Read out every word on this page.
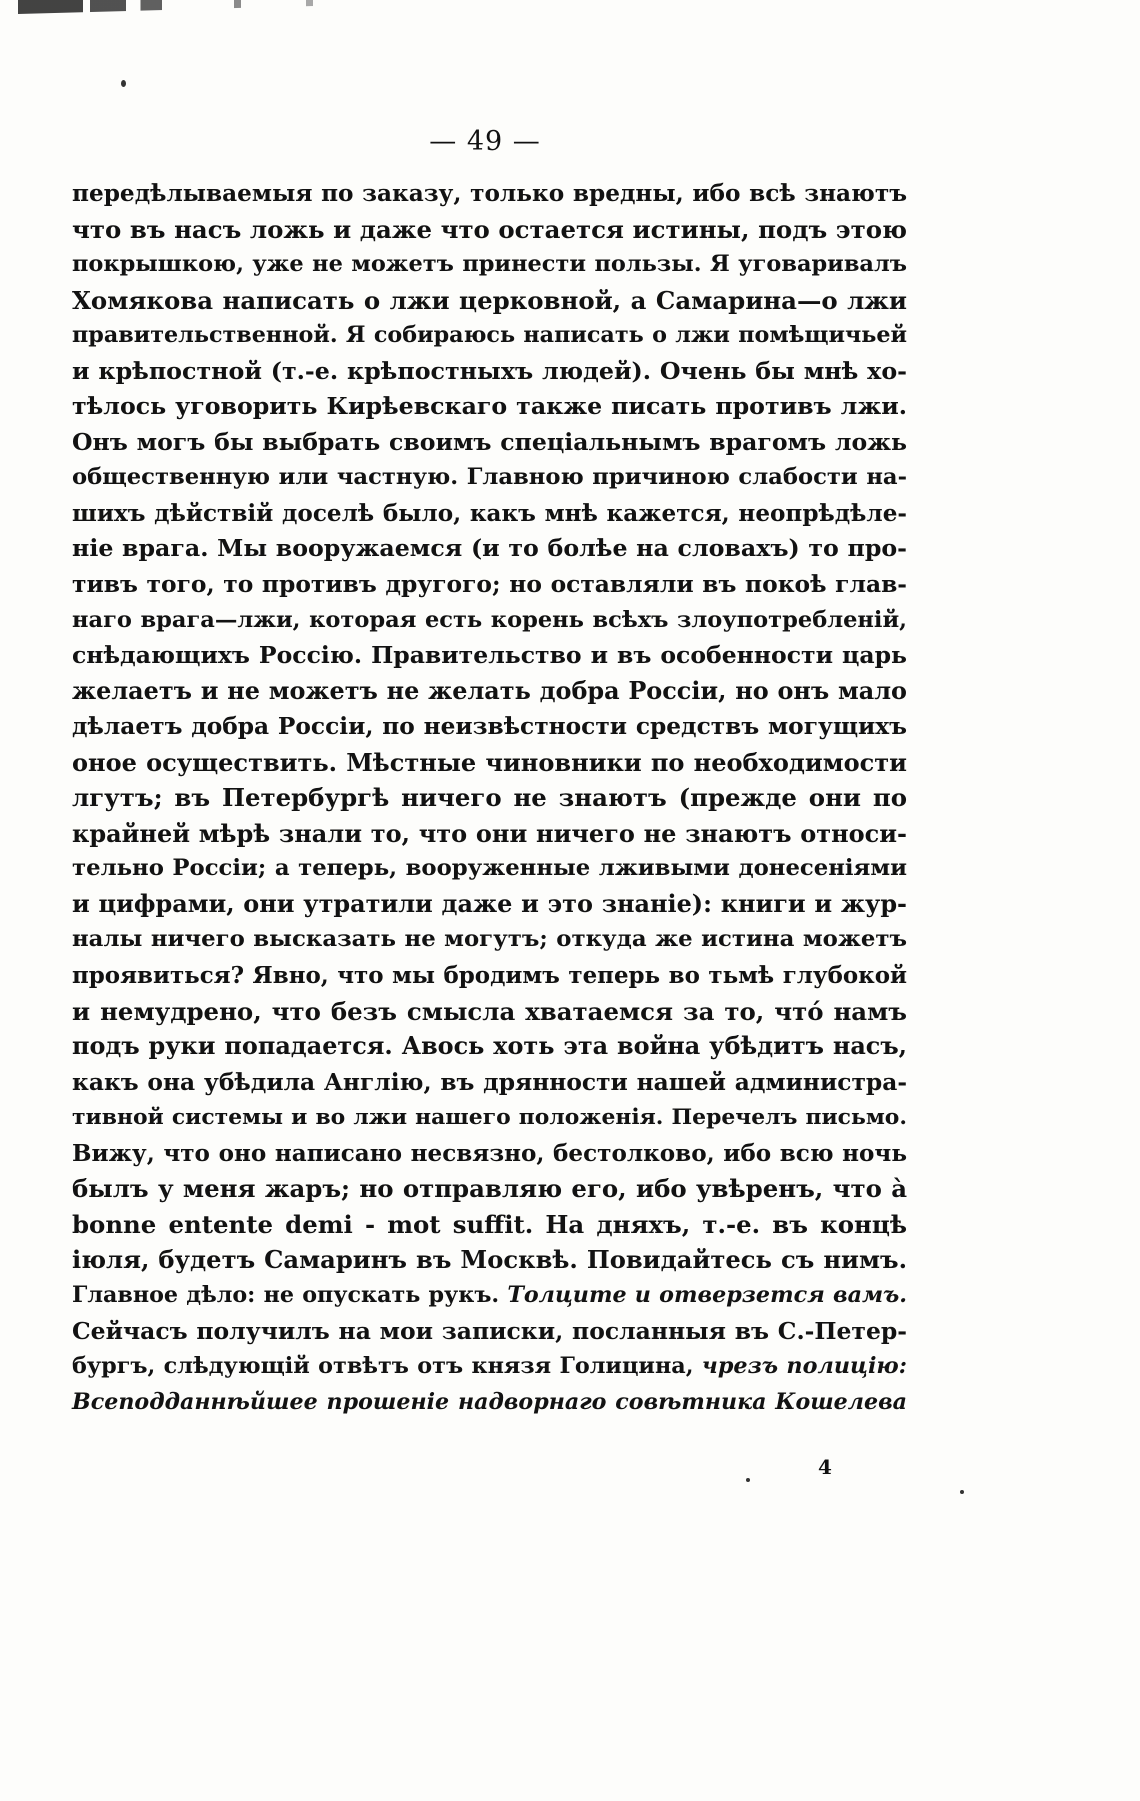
— 49 —
передѣлываемыя по заказу, только вредны, ибо всѣ знаютъ
что въ насъ ложь и даже что остается истины, подъ этою
покрышкою, уже не можетъ принести пользы. Я уговаривалъ
Хомякова написать о лжи церковной, а Самарина—о лжи
правительственной. Я собираюсь написать о лжи помѣщичьей
и крѣпостной (т.-е. крѣпостныхъ людей). Очень бы мнѣ хо-
тѣлось уговорить Кирѣевскаго также писать противъ лжи.
Онъ могъ бы выбрать своимъ спеціальнымъ врагомъ ложь
общественную или частную. Главною причиною слабости на-
шихъ дѣйствій доселѣ было, какъ мнѣ кажется, неопрѣдѣле-
ніе врага. Мы вооружаемся (и то болѣе на словахъ) то про-
тивъ того, то противъ другого; но оставляли въ покоѣ глав-
наго врага—лжи, которая есть корень всѣхъ злоупотребленій,
снѣдающихъ Россію. Правительство и въ особенности царь
желаетъ и не можетъ не желать добра Россіи, но онъ мало
дѣлаетъ добра Россіи, по неизвѣстности средствъ могущихъ
оное осуществить. Мѣстные чиновники по необходимости
лгутъ; въ Петербургѣ ничего не знаютъ (прежде они по
крайней мѣрѣ знали то, что они ничего не знаютъ относи-
тельно Россіи; а теперь, вооруженные лживыми донесеніями
и цифрами, они утратили даже и это знаніе): книги и жур-
налы ничего высказать не могутъ; откуда же истина можетъ
проявиться? Явно, что мы бродимъ теперь во тьмѣ глубокой
и немудрено, что безъ смысла хватаемся за то, что́ намъ
подъ руки попадается. Авось хоть эта война убѣдитъ насъ,
какъ она убѣдила Англію, въ дрянности нашей администра-
тивной системы и во лжи нашего положенія. Перечелъ письмо.
Вижу, что оно написано несвязно, бестолково, ибо всю ночь
былъ у меня жаръ; но отправляю его, ибо увѣренъ, что à
bonne entente demi - mot suffit. На дняхъ, т.-е. въ концѣ
іюля, будетъ Самаринъ въ Москвѣ. Повидайтесь съ нимъ.
Главное дѣло: не опускать рукъ. Толците и отверзется вамъ.
Сейчасъ получилъ на мои записки, посланныя въ С.-Петер-
бургъ, слѣдующій отвѣтъ отъ князя Голицина, чрезъ полицію:
Всеподданнѣйшее прошеніе надворнаго совѣтника Кошелева
4
